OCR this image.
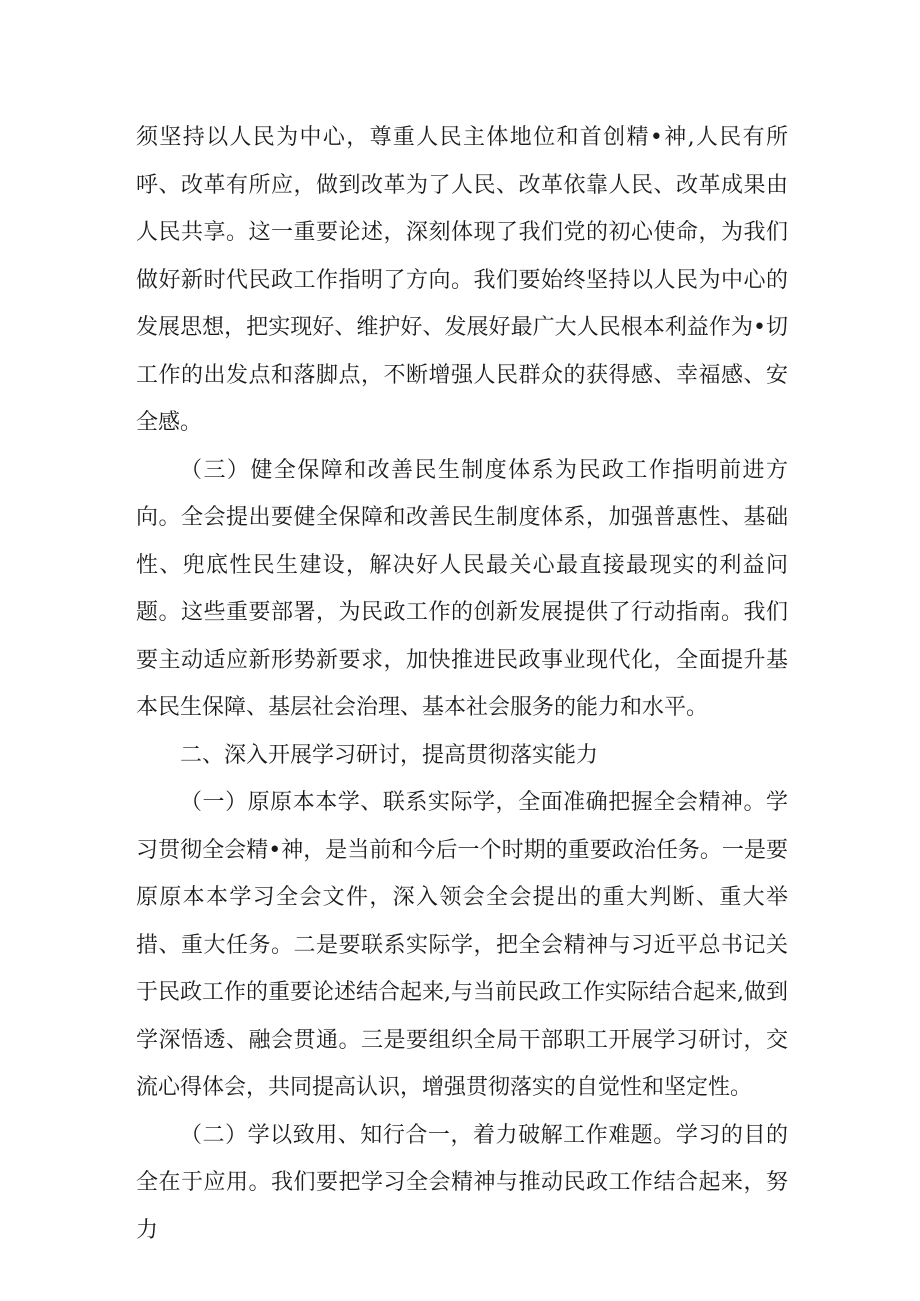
须坚持以人民为中心，尊重人民主体地位和首创精•神,人民有所呼、改革有所应，做到改革为了人民、改革依靠人民、改革成果由人民共享。这一重要论述，深刻体现了我们党的初心使命，为我们做好新时代民政工作指明了方向。我们要始终坚持以人民为中心的发展思想，把实现好、维护好、发展好最广大人民根本利益作为•切工作的出发点和落脚点，不断增强人民群众的获得感、幸福感、安全感。

（三）健全保障和改善民生制度体系为民政工作指明前进方向。全会提出要健全保障和改善民生制度体系，加强普惠性、基础性、兜底性民生建设，解决好人民最关心最直接最现实的利益问题。这些重要部署，为民政工作的创新发展提供了行动指南。我们要主动适应新形势新要求，加快推进民政事业现代化，全面提升基本民生保障、基层社会治理、基本社会服务的能力和水平。

二、深入开展学习研讨，提高贯彻落实能力

（一）原原本本学、联系实际学，全面准确把握全会精神。学习贯彻全会精•神，是当前和今后一个时期的重要政治任务。一是要原原本本学习全会文件，深入领会全会提出的重大判断、重大举措、重大任务。二是要联系实际学，把全会精神与习近平总书记关于民政工作的重要论述结合起来,与当前民政工作实际结合起来,做到学深悟透、融会贯通。三是要组织全局干部职工开展学习研讨，交流心得体会，共同提高认识，增强贯彻落实的自觉性和坚定性。

（二）学以致用、知行合一，着力破解工作难题。学习的目的全在于应用。我们要把学习全会精神与推动民政工作结合起来，努力
